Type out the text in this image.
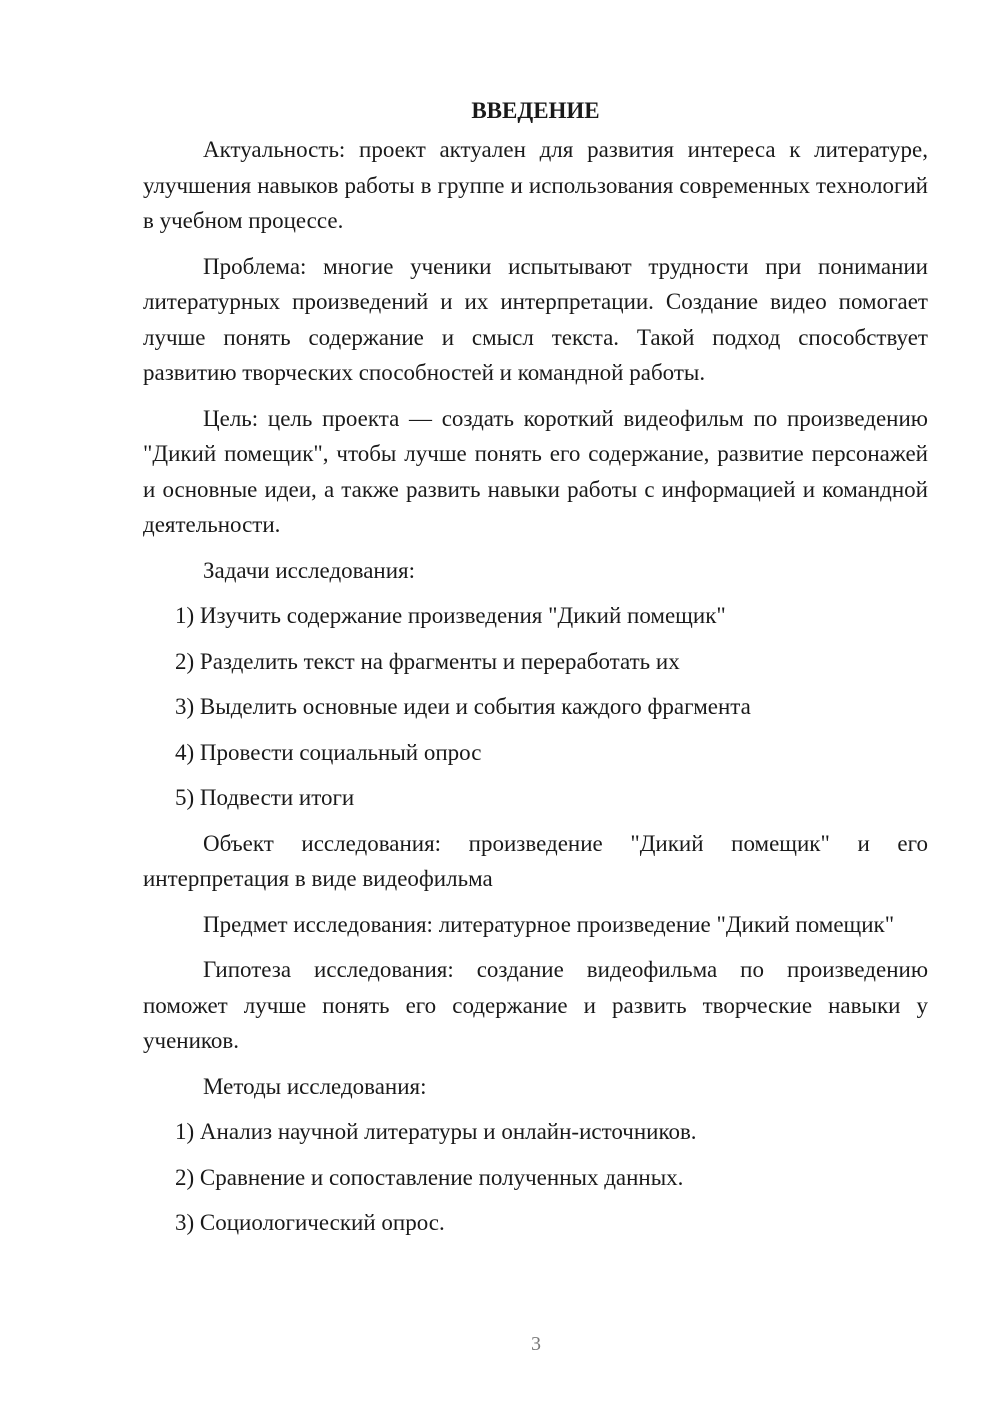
ВВЕДЕНИЕ

Актуальность: проект актуален для развития интереса к литературе, улучшения навыков работы в группе и использования современных технологий в учебном процессе.

Проблема: многие ученики испытывают трудности при понимании литературных произведений и их интерпретации. Создание видео помогает лучше понять содержание и смысл текста. Такой подход способствует развитию творческих способностей и командной работы.

Цель: цель проекта — создать короткий видеофильм по произведению "Дикий помещик", чтобы лучше понять его содержание, развитие персонажей и основные идеи, а также развить навыки работы с информацией и командной деятельности.

Задачи исследования:
1) Изучить содержание произведения "Дикий помещик"
2) Разделить текст на фрагменты и переработать их
3) Выделить основные идеи и события каждого фрагмента
4) Провести социальный опрос
5) Подвести итоги

Объект исследования: произведение "Дикий помещик" и его интерпретация в виде видеофильма

Предмет исследования: литературное произведение "Дикий помещик"

Гипотеза исследования: создание видеофильма по произведению поможет лучше понять его содержание и развить творческие навыки у учеников.

Методы исследования:
1) Анализ научной литературы и онлайн-источников.
2) Сравнение и сопоставление полученных данных.
3) Социологический опрос.
3
